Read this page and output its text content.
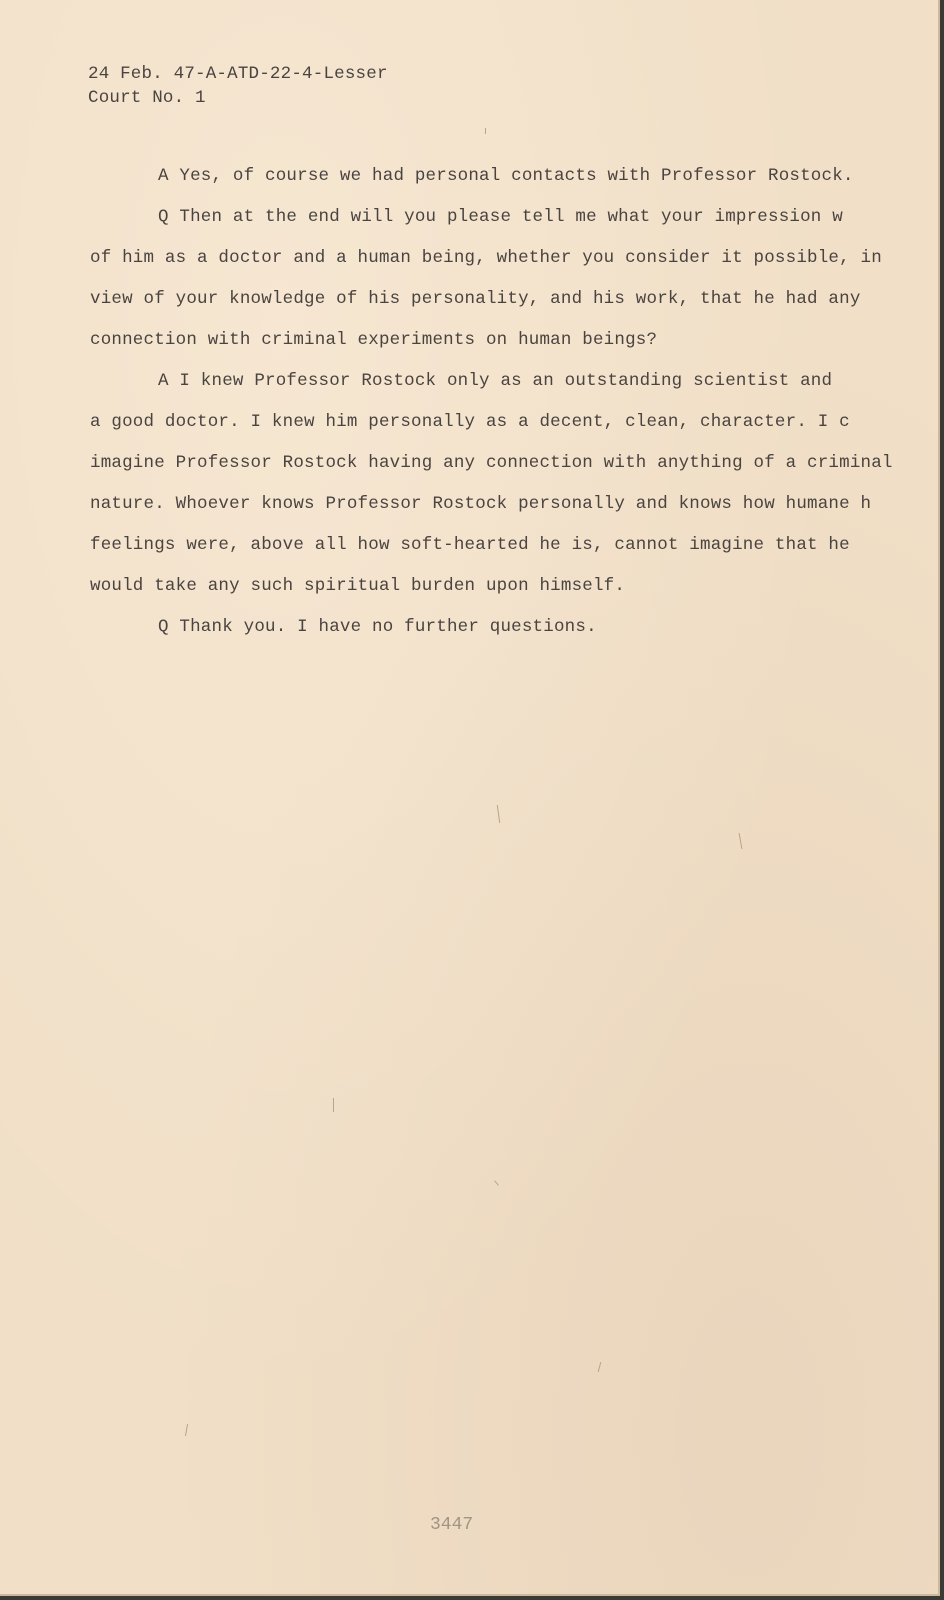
24 Feb. 47-A-ATD-22-4-Lesser
Court No. 1
A Yes, of course we had personal contacts with Professor Rostock.
Q Then at the end will you please tell me what your impression w
of him as a doctor and a human being, whether you consider it possible, in
view of your knowledge of his personality, and his work, that he had any
connection with criminal experiments on human beings?
A I knew Professor Rostock only as an outstanding scientist and
a good doctor. I knew him personally as a decent, clean, character. I c
imagine Professor Rostock having any connection with anything of a criminal
nature. Whoever knows Professor Rostock personally and knows how humane h
feelings were, above all how soft-hearted he is, cannot imagine that he
would take any such spiritual burden upon himself.
Q Thank you. I have no further questions.
3447
